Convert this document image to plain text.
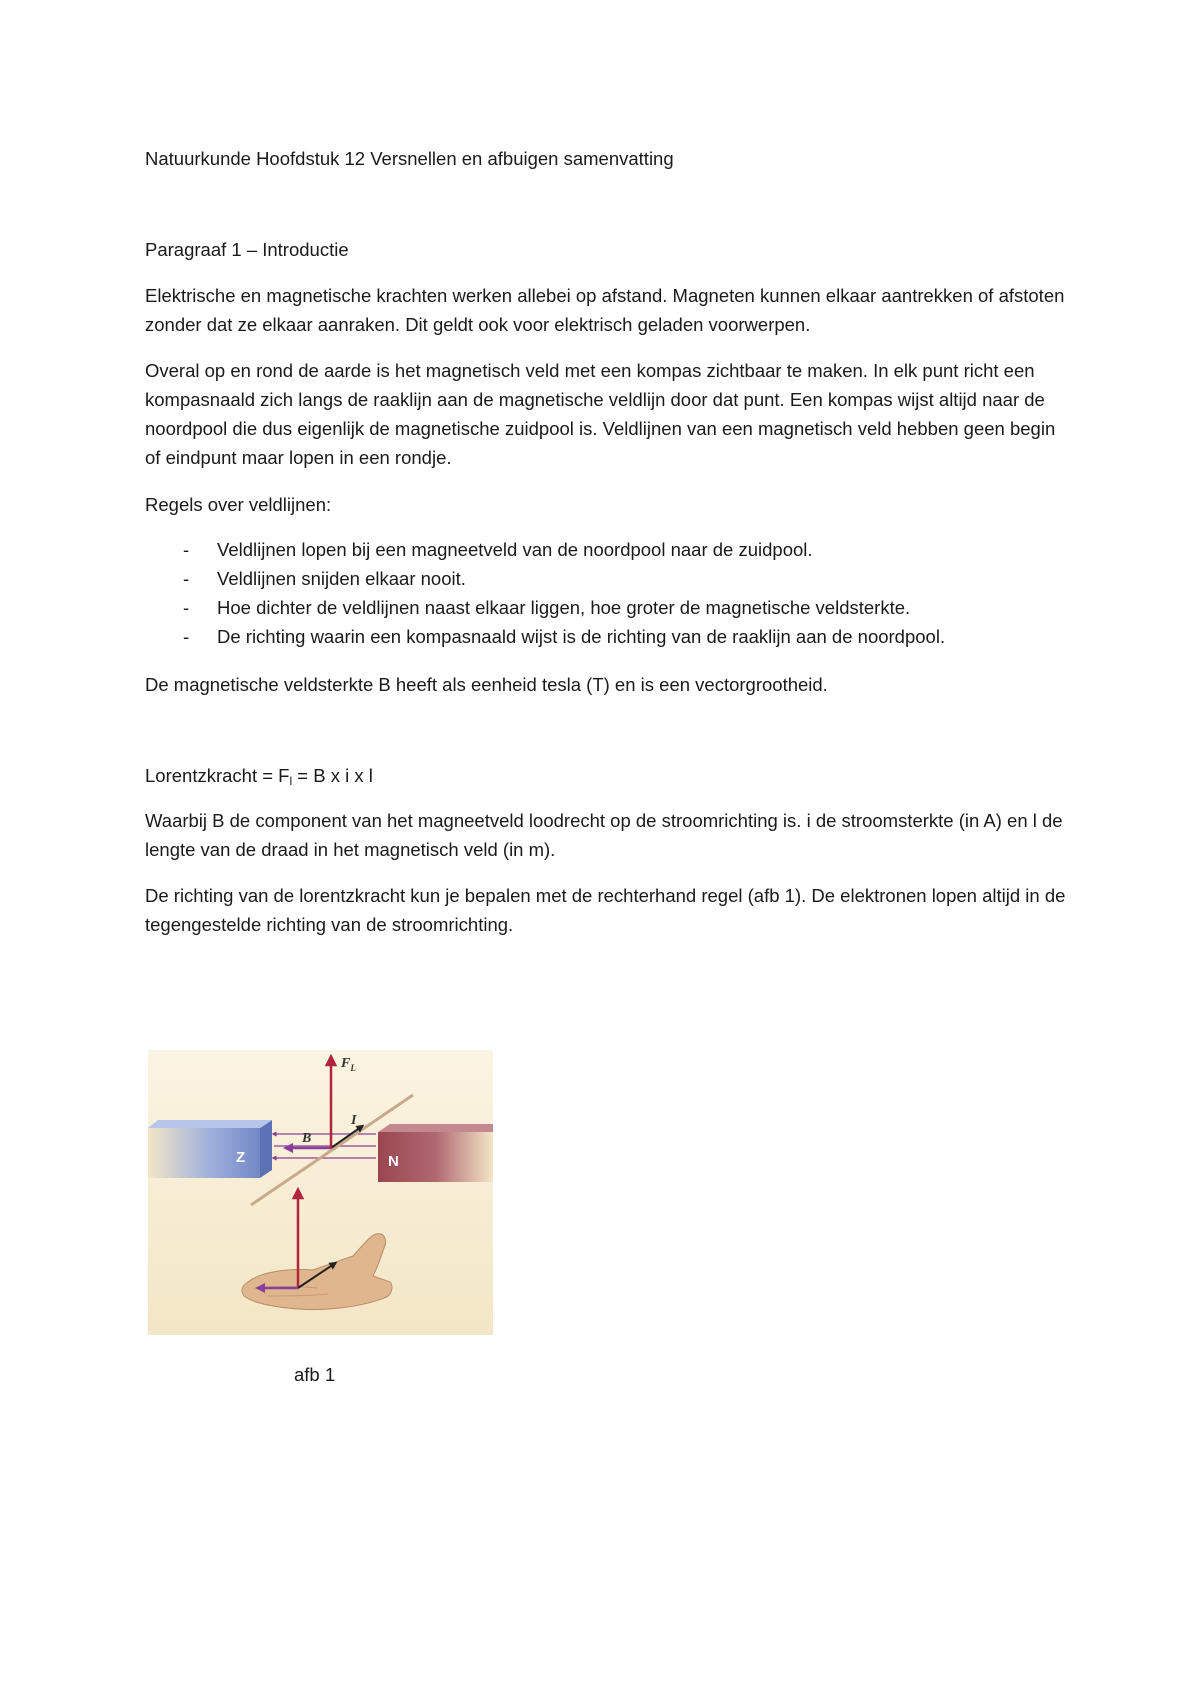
Natuurkunde Hoofdstuk 12 Versnellen en afbuigen samenvatting

Paragraaf 1 – Introductie

Elektrische en magnetische krachten werken allebei op afstand. Magneten kunnen elkaar aantrekken of afstoten zonder dat ze elkaar aanraken. Dit geldt ook voor elektrisch geladen voorwerpen.

Overal op en rond de aarde is het magnetisch veld met een kompas zichtbaar te maken. In elk punt richt een kompasnaald zich langs de raaklijn aan de magnetische veldlijn door dat punt. Een kompas wijst altijd naar de noordpool die dus eigenlijk de magnetische zuidpool is. Veldlijnen van een magnetisch veld hebben geen begin of eindpunt maar lopen in een rondje.

Regels over veldlijnen:

- Veldlijnen lopen bij een magneetveld van de noordpool naar de zuidpool.
- Veldlijnen snijden elkaar nooit.
- Hoe dichter de veldlijnen naast elkaar liggen, hoe groter de magnetische veldsterkte.
- De richting waarin een kompasnaald wijst is de richting van de raaklijn aan de noordpool.

De magnetische veldsterkte B heeft als eenheid tesla (T) en is een vectorgrootheid.

Lorentzkracht = $F_l = B$ x i x l

Waarbij B de component van het magneetveld loodrecht op de stroomrichting is. i de stroomsterkte (in A) en l de lengte van de draad in het magnetisch veld (in m).

De richting van de lorentzkracht kun je bepalen met de rechterhand regel (afb 1). De elektronen lopen altijd in de tegengestelde richting van de stroomrichting.

Z	N
I
B
$F_L$
afb 1
